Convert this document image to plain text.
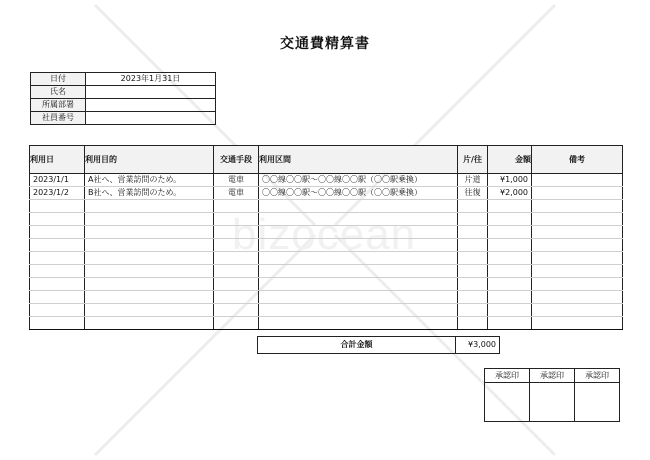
bizocean
交通費精算書
日付	2023年1月31日
氏名	
所属部署	
社員番号	
利用日	利用目的	交通手段	利用区間	片/往	金額	備考
2023/1/1	A社へ、営業訪問のため。	電車	〇〇線〇〇駅〜〇〇線〇〇駅（〇〇駅乗換）	片道	¥1,000	
2023/1/2	B社へ、営業訪問のため。	電車	〇〇線〇〇駅〜〇〇線〇〇駅（〇〇駅乗換）	往復	¥2,000	

合計金額	¥3,000
承認印	承認印	承認印
